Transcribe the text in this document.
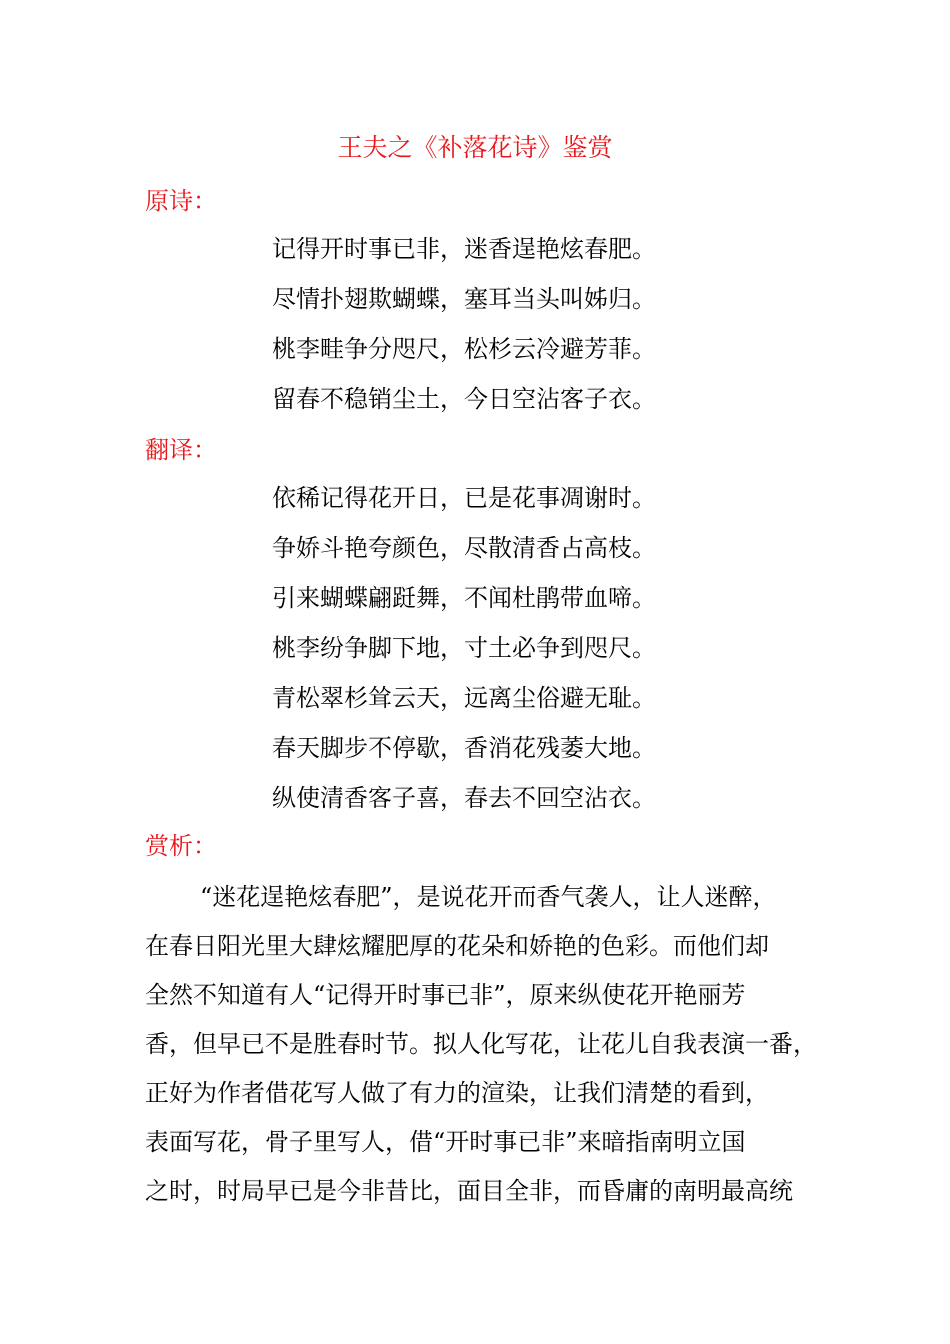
王夫之《补落花诗》鉴赏
原诗：
记得开时事已非，迷香逞艳炫春肥。
尽情扑翅欺蝴蝶，塞耳当头叫姊归。
桃李畦争分咫尺，松杉云冷避芳菲。
留春不稳销尘土，今日空沾客子衣。
翻译：
依稀记得花开日，已是花事凋谢时。
争娇斗艳夸颜色，尽散清香占高枝。
引来蝴蝶翩跹舞，不闻杜鹃带血啼。
桃李纷争脚下地，寸土必争到咫尺。
青松翠杉耸云天，远离尘俗避无耻。
春天脚步不停歇，香消花残萎大地。
纵使清香客子喜，春去不回空沾衣。
赏析：
“迷花逞艳炫春肥”，是说花开而香气袭人，让人迷醉，
在春日阳光里大肆炫耀肥厚的花朵和娇艳的色彩。而他们却
全然不知道有人“记得开时事已非”，原来纵使花开艳丽芳
香，但早已不是胜春时节。拟人化写花，让花儿自我表演一番，
正好为作者借花写人做了有力的渲染，让我们清楚的看到，
表面写花，骨子里写人，借“开时事已非”来暗指南明立国
之时，时局早已是今非昔比，面目全非，而昏庸的南明最高统
